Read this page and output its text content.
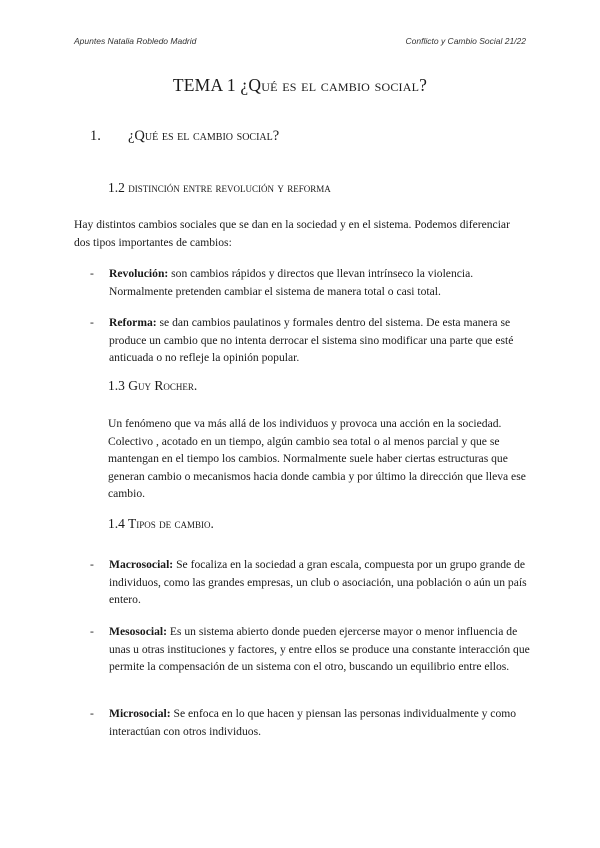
Apuntes Natalia Robledo Madrid	Conflicto y Cambio Social 21/22
TEMA 1 ¿Qué es el cambio social?
1. ¿Qué es el cambio social?
1.2 distinción entre revolución y reforma

Hay distintos cambios sociales que se dan en la sociedad y en el sistema. Podemos diferenciar dos tipos importantes de cambios:

- Revolución: son cambios rápidos y directos que llevan intrínseco la violencia. Normalmente pretenden cambiar el sistema de manera total o casi total.
- Reforma: se dan cambios paulatinos y formales dentro del sistema. De esta manera se produce un cambio que no intenta derrocar el sistema sino modificar una parte que esté anticuada o no refleje la opinión popular.
1.3 Guy Rocher.

Un fenómeno que va más allá de los individuos y provoca una acción en la sociedad. Colectivo , acotado en un tiempo, algún cambio sea total o al menos parcial y que se mantengan en el tiempo los cambios. Normalmente suele haber ciertas estructuras que generan cambio o mecanismos hacia donde cambia y por último la dirección que lleva ese cambio.

1.4 Tipos de cambio.
- Macrosocial: Se focaliza en la sociedad a gran escala, compuesta por un grupo grande de individuos, como las grandes empresas, un club o asociación, una población o aún un país entero.
- Mesosocial: Es un sistema abierto donde pueden ejercerse mayor o menor influencia de unas u otras instituciones y factores, y entre ellos se produce una constante interacción que permite la compensación de un sistema con el otro, buscando un equilibrio entre ellos.
- Microsocial: Se enfoca en lo que hacen y piensan las personas individualmente y como interactúan con otros individuos.
